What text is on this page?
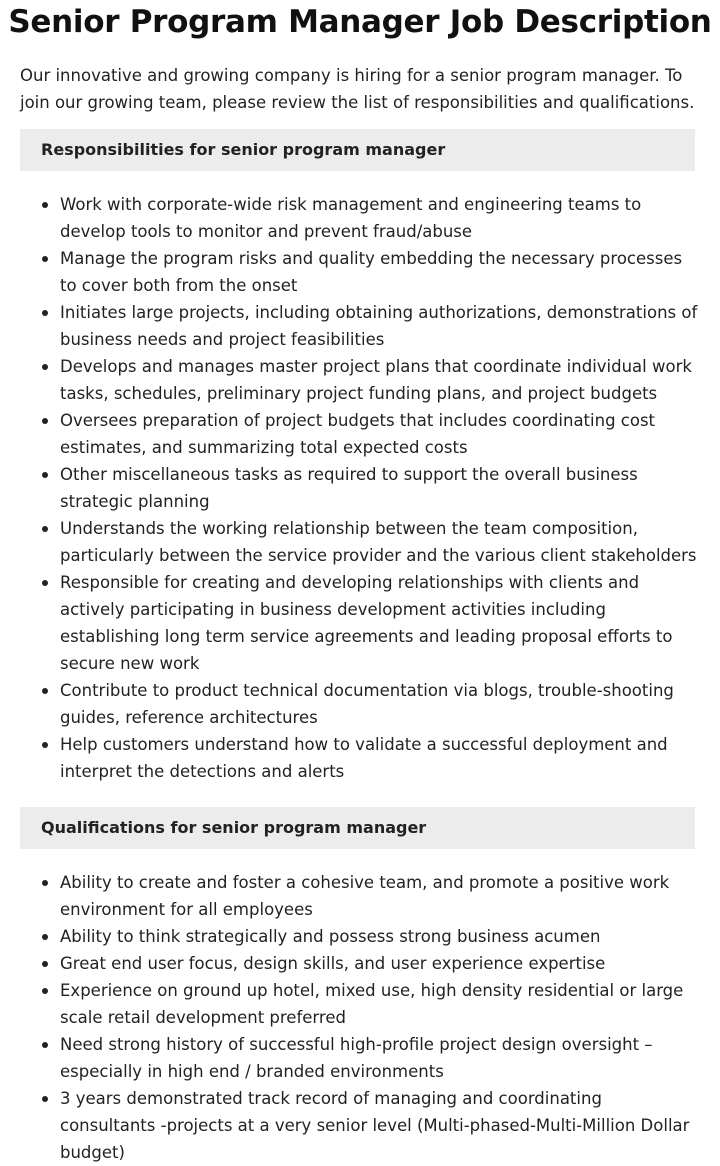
Senior Program Manager Job Description

Our innovative and growing company is hiring for a senior program manager. To join our growing team, please review the list of responsibilities and qualifications.

Responsibilities for senior program manager
Work with corporate-wide risk management and engineering teams to develop tools to monitor and prevent fraud/abuse
Manage the program risks and quality embedding the necessary processes to cover both from the onset
Initiates large projects, including obtaining authorizations, demonstrations of business needs and project feasibilities
Develops and manages master project plans that coordinate individual work tasks, schedules, preliminary project funding plans, and project budgets
Oversees preparation of project budgets that includes coordinating cost estimates, and summarizing total expected costs
Other miscellaneous tasks as required to support the overall business strategic planning
Understands the working relationship between the team composition, particularly between the service provider and the various client stakeholders
Responsible for creating and developing relationships with clients and actively participating in business development activities including establishing long term service agreements and leading proposal efforts to secure new work
Contribute to product technical documentation via blogs, trouble-shooting guides, reference architectures
Help customers understand how to validate a successful deployment and interpret the detections and alerts
Qualifications for senior program manager
Ability to create and foster a cohesive team, and promote a positive work environment for all employees
Ability to think strategically and possess strong business acumen
Great end user focus, design skills, and user experience expertise
Experience on ground up hotel, mixed use, high density residential or large scale retail development preferred
Need strong history of successful high-profile project design oversight – especially in high end / branded environments
3 years demonstrated track record of managing and coordinating consultants -projects at a very senior level (Multi-phased-Multi-Million Dollar budget)
